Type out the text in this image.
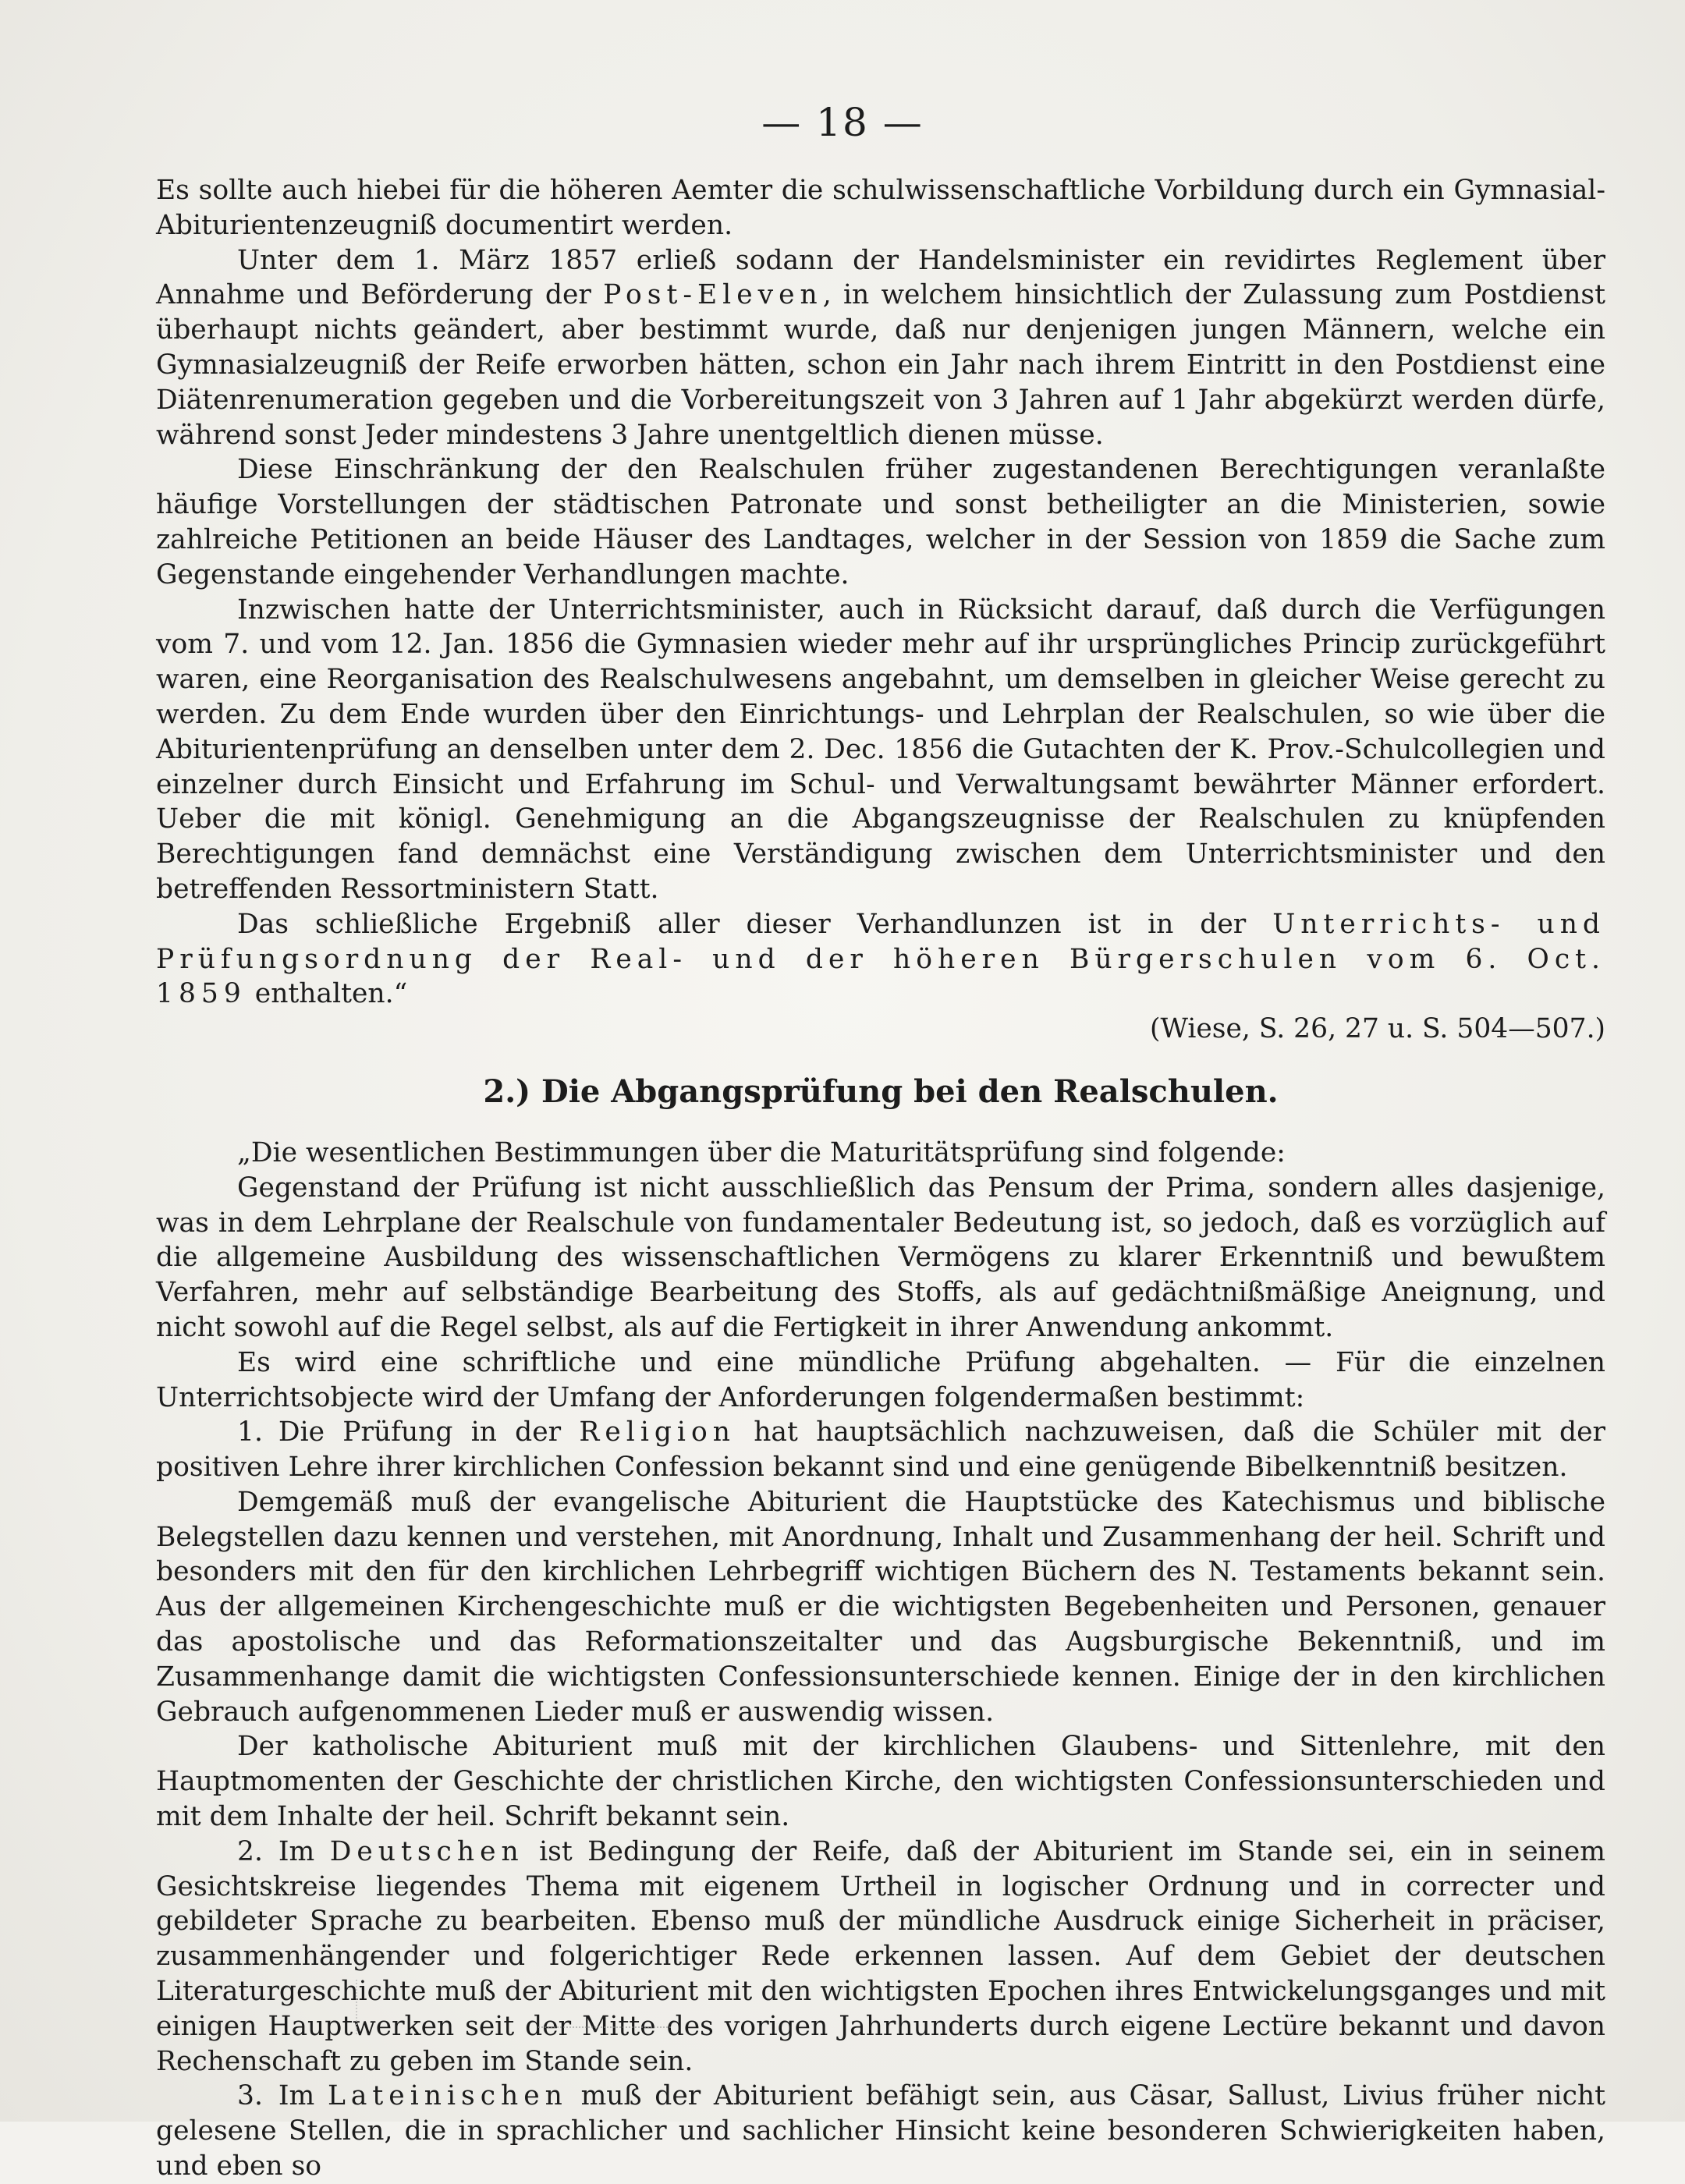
— 18 —

Es sollte auch hiebei für die höheren Aemter die schulwissenschaftliche Vorbildung durch ein Gymnasial-Abiturientenzeugniß documentirt werden.

Unter dem 1. März 1857 erließ sodann der Handelsminister ein revidirtes Reglement über Annahme und Beförderung der Post-Eleven, in welchem hinsichtlich der Zulassung zum Postdienst überhaupt nichts geändert, aber bestimmt wurde, daß nur denjenigen jungen Männern, welche ein Gymnasialzeugniß der Reife erworben hätten, schon ein Jahr nach ihrem Eintritt in den Postdienst eine Diätenrenumeration gegeben und die Vorbereitungszeit von 3 Jahren auf 1 Jahr abgekürzt werden dürfe, während sonst Jeder mindestens 3 Jahre unentgeltlich dienen müsse.

Diese Einschränkung der den Realschulen früher zugestandenen Berechtigungen veranlaßte häufige Vorstellungen der städtischen Patronate und sonst betheiligter an die Ministerien, sowie zahlreiche Petitionen an beide Häuser des Landtages, welcher in der Session von 1859 die Sache zum Gegenstande eingehender Verhandlungen machte.

Inzwischen hatte der Unterrichtsminister, auch in Rücksicht darauf, daß durch die Verfügungen vom 7. und vom 12. Jan. 1856 die Gymnasien wieder mehr auf ihr ursprüngliches Princip zurückgeführt waren, eine Reorganisation des Realschulwesens angebahnt, um demselben in gleicher Weise gerecht zu werden. Zu dem Ende wurden über den Einrichtungs- und Lehrplan der Realschulen, so wie über die Abiturientenprüfung an denselben unter dem 2. Dec. 1856 die Gutachten der K. Prov.-Schulcollegien und einzelner durch Einsicht und Erfahrung im Schul- und Verwaltungsamt bewährter Männer erfordert. Ueber die mit königl. Genehmigung an die Abgangszeugnisse der Realschulen zu knüpfenden Berechtigungen fand demnächst eine Verständigung zwischen dem Unterrichtsminister und den betreffenden Ressortministern Statt.

Das schließliche Ergebniß aller dieser Verhandlunzen ist in der Unterrichts- und Prüfungsordnung der Real- und der höheren Bürgerschulen vom 6. Oct. 1859 enthalten.“

(Wiese, S. 26, 27 u. S. 504—507.)

2.) Die Abgangsprüfung bei den Realschulen.

„Die wesentlichen Bestimmungen über die Maturitätsprüfung sind folgende:

Gegenstand der Prüfung ist nicht ausschließlich das Pensum der Prima, sondern alles dasjenige, was in dem Lehrplane der Realschule von fundamentaler Bedeutung ist, so jedoch, daß es vorzüglich auf die allgemeine Ausbildung des wissenschaftlichen Vermögens zu klarer Erkenntniß und bewußtem Verfahren, mehr auf selbständige Bearbeitung des Stoffs, als auf gedächtnißmäßige Aneignung, und nicht sowohl auf die Regel selbst, als auf die Fertigkeit in ihrer Anwendung ankommt.

Es wird eine schriftliche und eine mündliche Prüfung abgehalten. — Für die einzelnen Unterrichtsobjecte wird der Umfang der Anforderungen folgendermaßen bestimmt:

1. Die Prüfung in der Religion hat hauptsächlich nachzuweisen, daß die Schüler mit der positiven Lehre ihrer kirchlichen Confession bekannt sind und eine genügende Bibelkenntniß besitzen.

Demgemäß muß der evangelische Abiturient die Hauptstücke des Katechismus und biblische Belegstellen dazu kennen und verstehen, mit Anordnung, Inhalt und Zusammenhang der heil. Schrift und besonders mit den für den kirchlichen Lehrbegriff wichtigen Büchern des N. Testaments bekannt sein. Aus der allgemeinen Kirchengeschichte muß er die wichtigsten Begebenheiten und Personen, genauer das apostolische und das Reformationszeitalter und das Augsburgische Bekenntniß, und im Zusammenhange damit die wichtigsten Confessionsunterschiede kennen. Einige der in den kirchlichen Gebrauch aufgenommenen Lieder muß er auswendig wissen.

Der katholische Abiturient muß mit der kirchlichen Glaubens- und Sittenlehre, mit den Hauptmomenten der Geschichte der christlichen Kirche, den wichtigsten Confessionsunterschieden und mit dem Inhalte der heil. Schrift bekannt sein.

2. Im Deutschen ist Bedingung der Reife, daß der Abiturient im Stande sei, ein in seinem Gesichtskreise liegendes Thema mit eigenem Urtheil in logischer Ordnung und in correcter und gebildeter Sprache zu bearbeiten. Ebenso muß der mündliche Ausdruck einige Sicherheit in präciser, zusammenhängender und folgerichtiger Rede erkennen lassen. Auf dem Gebiet der deutschen Literaturgeschichte muß der Abiturient mit den wichtigsten Epochen ihres Entwickelungsganges und mit einigen Hauptwerken seit der Mitte des vorigen Jahrhunderts durch eigene Lectüre bekannt und davon Rechenschaft zu geben im Stande sein.

3. Im Lateinischen muß der Abiturient befähigt sein, aus Cäsar, Sallust, Livius früher nicht gelesene Stellen, die in sprachlicher und sachlicher Hinsicht keine besonderen Schwierigkeiten haben, und eben so
